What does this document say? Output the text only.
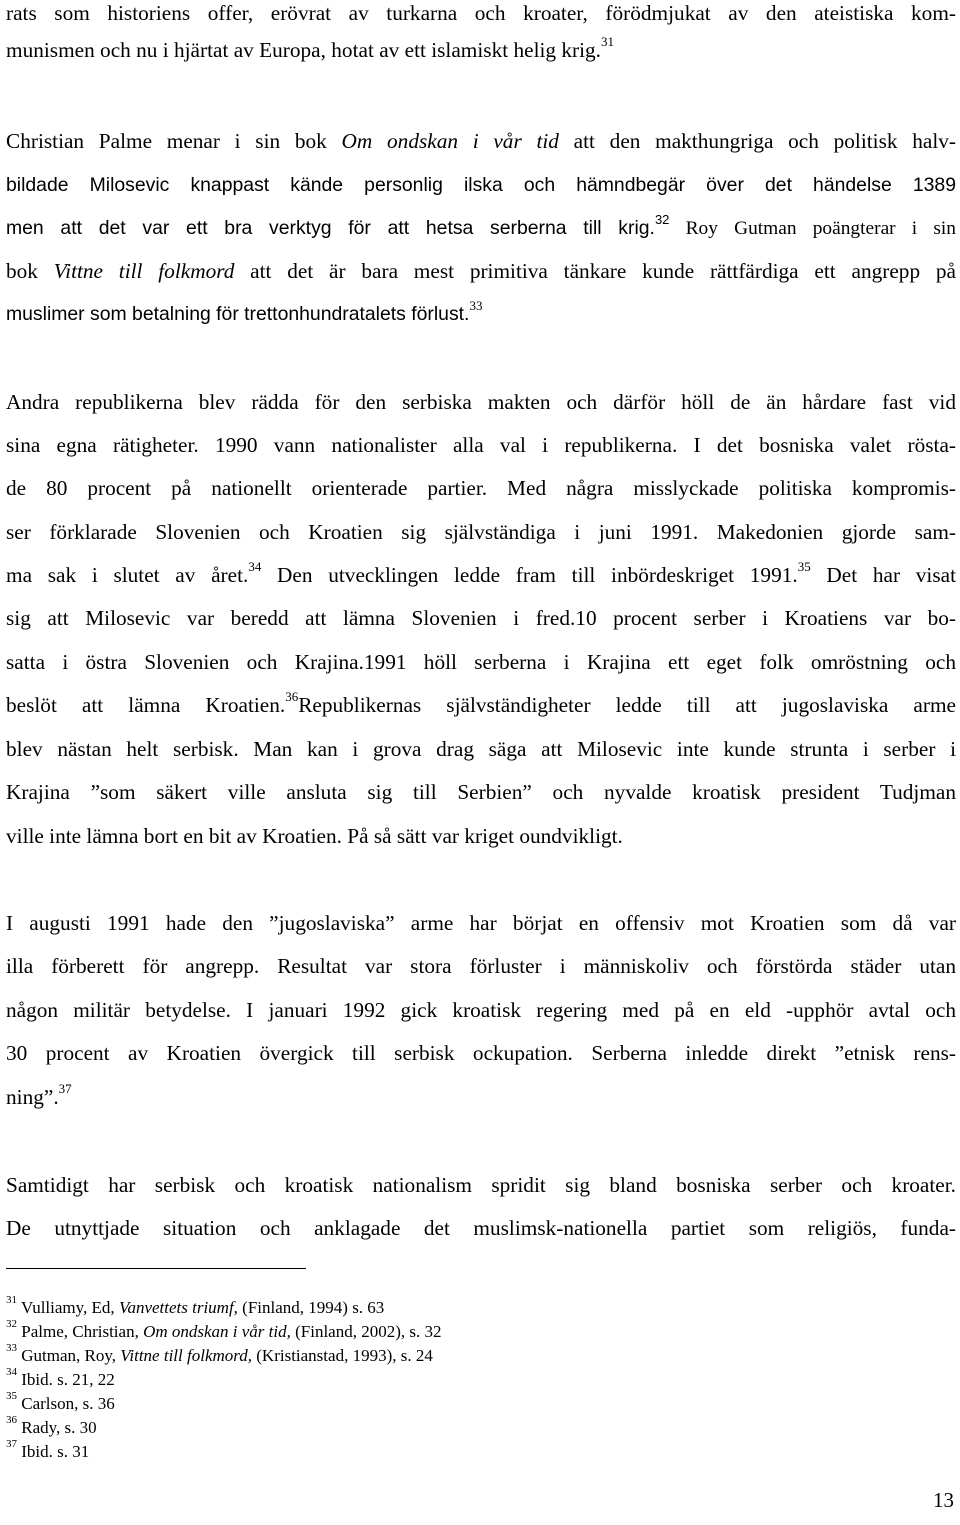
rats som historiens offer, erövrat av turkarna och kroater, förödmjukat av den ateistiska kom-
munismen och nu i hjärtat av Europa, hotat av ett islamiskt helig krig.$^{31}$
Christian Palme menar i sin bok Om ondskan i vår tid att den makthungriga och politisk halv-
bildade Milosevic knappast kände personlig ilska och hämndbegär över det händelse 1389
men att det var ett bra verktyg för att hetsa serberna till krig.$^{32}$ Roy Gutman poängterar i sin
bok Vittne till folkmord att det är bara mest primitiva tänkare kunde rättfärdiga ett angrepp på
muslimer som betalning för trettonhundratalets förlust.$^{33}$
Andra republikerna blev rädda för den serbiska makten och därför höll de än hårdare fast vid
sina egna rätigheter. 1990 vann nationalister alla val i republikerna. I det bosniska valet rösta-
de 80 procent på nationellt orienterade partier. Med några misslyckade politiska kompromis-
ser förklarade Slovenien och Kroatien sig självständiga i juni 1991. Makedonien gjorde sam-
ma sak i slutet av året.$^{34}$ Den utvecklingen ledde fram till inbördeskriget 1991.35 Det har visat
sig att Milosevic var beredd att lämna Slovenien i fred.10 procent serber i Kroatiens var bo-
satta i östra Slovenien och Krajina.1991 höll serberna i Krajina ett eget folk omröstning och
beslöt att lämna Kroatien.$^{36}$Republikernas självständigheter ledde till att jugoslaviska arme
blev nästan helt serbisk. Man kan i grova drag säga att Milosevic inte kunde strunta i serber i
Krajina ”som säkert ville ansluta sig till Serbien” och nyvalde kroatisk president Tudjman
ville inte lämna bort en bit av Kroatien. På så sätt var kriget oundvikligt.
I augusti 1991 hade den ”jugoslaviska” arme har börjat en offensiv mot Kroatien som då var
illa förberett för angrepp. Resultat var stora förluster i människoliv och förstörda städer utan
någon militär betydelse. I januari 1992 gick kroatisk regering med på en eld -upphör avtal och
30 procent av Kroatien övergick till serbisk ockupation. Serberna inledde direkt ”etnisk rens-
ning”.$^{37}$
Samtidigt har serbisk och kroatisk nationalism spridit sig bland bosniska serber och kroater.
De utnyttjade situation och anklagade det muslimsk-nationella partiet som religiös, funda-
$^{31}$ Vulliamy, Ed, Vanvettets triumf, (Finland, 1994) s. 63
$^{32}$ Palme, Christian, Om ondskan i vår tid, (Finland, 2002), s. 32
$^{33}$ Gutman, Roy, Vittne till folkmord, (Kristianstad, 1993), s. 24
$^{34}$ Ibid. s. 21, 22
$^{35}$ Carlson, s. 36
$^{36}$ Rady, s. 30
$^{37}$ Ibid. s. 31
13
